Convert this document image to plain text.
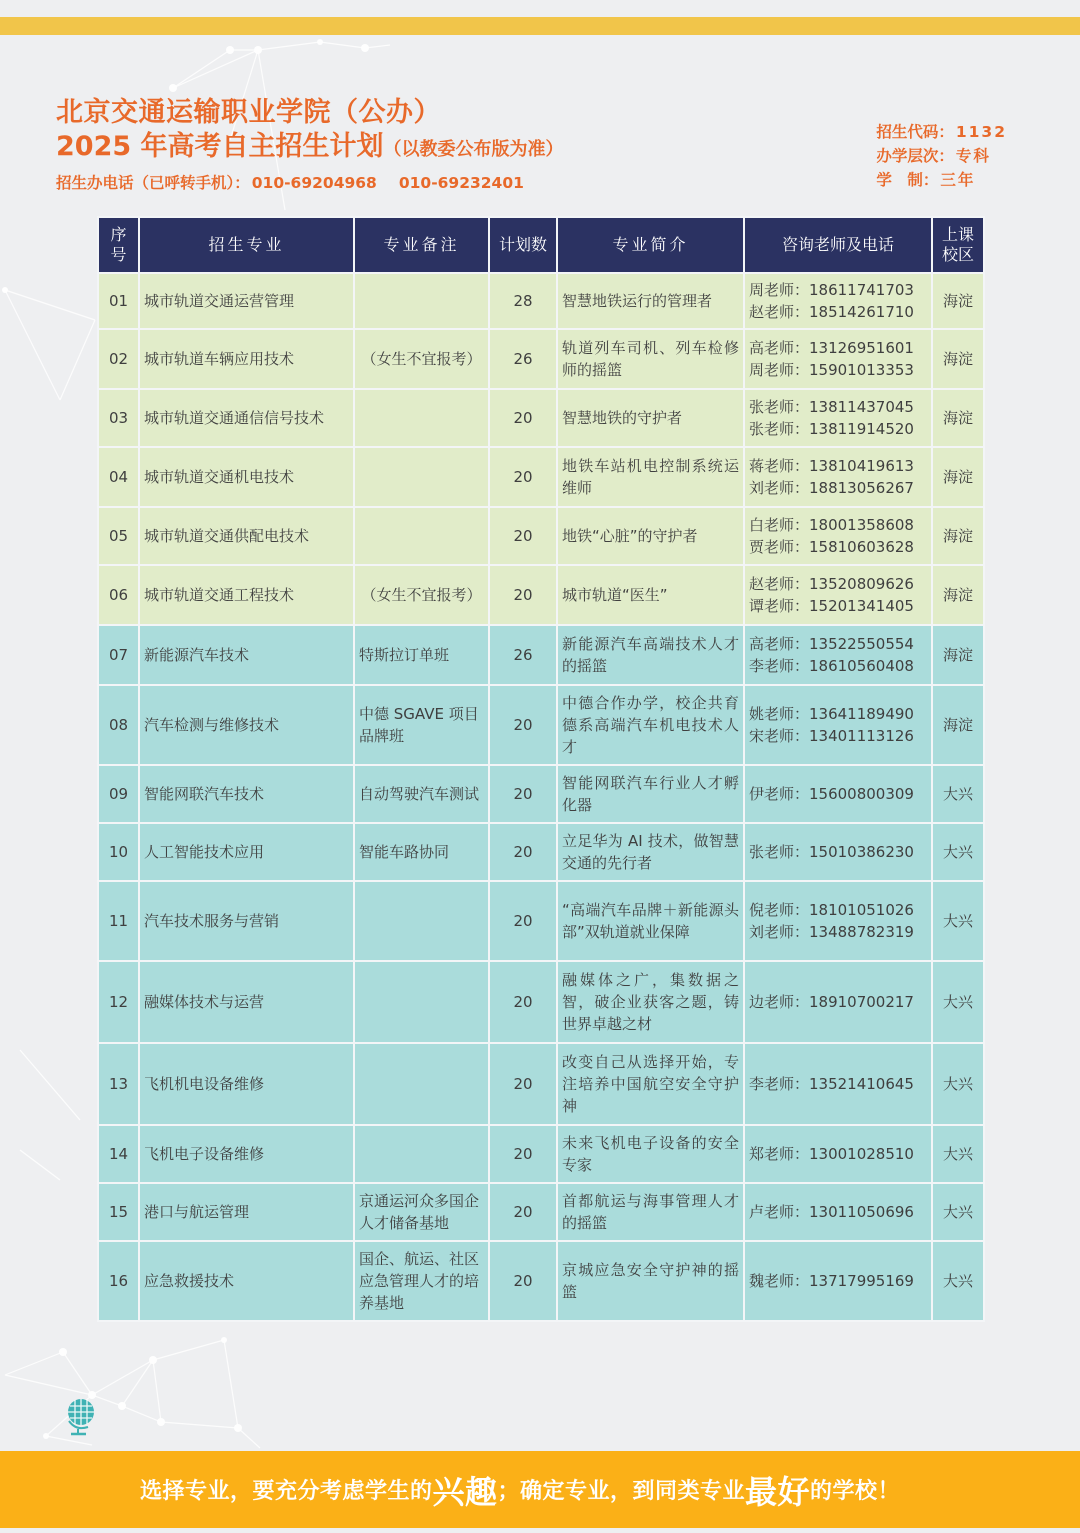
北京交通运输职业学院（公办）
2025 年高考自主招生计划（以教委公布版为准）
招生办电话（已呼转手机）： 010-69204968 010-69232401
招生代码： 1132
办学层次： 专科
学　制： 三年
序号	招生专业	专业备注	计划数	专业简介	咨询老师及电话	上课校区
01	城市轨道交通运营管理		28	智慧地铁运行的管理者	周老师：18611741703
赵老师：18514261710	海淀
02	城市轨道车辆应用技术	（女生不宜报考）	26	轨道列车司机、列车检修师的摇篮	高老师：13126951601
周老师：15901013353	海淀
03	城市轨道交通通信信号技术		20	智慧地铁的守护者	张老师：13811437045
张老师：13811914520	海淀
04	城市轨道交通机电技术		20	地铁车站机电控制系统运维师	蒋老师：13810419613
刘老师：18813056267	海淀
05	城市轨道交通供配电技术		20	地铁“心脏”的守护者	白老师：18001358608
贾老师：15810603628	海淀
06	城市轨道交通工程技术	（女生不宜报考）	20	城市轨道“医生”	赵老师：13520809626
谭老师：15201341405	海淀
07	新能源汽车技术	特斯拉订单班	26	新能源汽车高端技术人才的摇篮	高老师：13522550554
李老师：18610560408	海淀
08	汽车检测与维修技术	中德 SGAVE 项目品牌班	20	中德合作办学，校企共育德系高端汽车机电技术人才	姚老师：13641189490
宋老师：13401113126	海淀
09	智能网联汽车技术	自动驾驶汽车测试	20	智能网联汽车行业人才孵化器	伊老师：15600800309	大兴
10	人工智能技术应用	智能车路协同	20	立足华为 AI 技术，做智慧交通的先行者	张老师：15010386230	大兴
11	汽车技术服务与营销		20	“高端汽车品牌＋新能源头部”双轨道就业保障	倪老师：18101051026
刘老师：13488782319	大兴
12	融媒体技术与运营		20	融媒体之广，集数据之智，破企业获客之题，铸世界卓越之材	边老师：18910700217	大兴
13	飞机机电设备维修		20	改变自己从选择开始，专注培养中国航空安全守护神	李老师：13521410645	大兴
14	飞机电子设备维修		20	未来飞机电子设备的安全专家	郑老师：13001028510	大兴
15	港口与航运管理	京通运河众多国企人才储备基地	20	首都航运与海事管理人才的摇篮	卢老师：13011050696	大兴
16	应急救援技术	国企、航运、社区应急管理人才的培养基地	20	京城应急安全守护神的摇篮	魏老师：13717995169	大兴
选择专业，要充分考虑学生的 兴趣 ；确定专业，到同类专业 最好 的学校！
